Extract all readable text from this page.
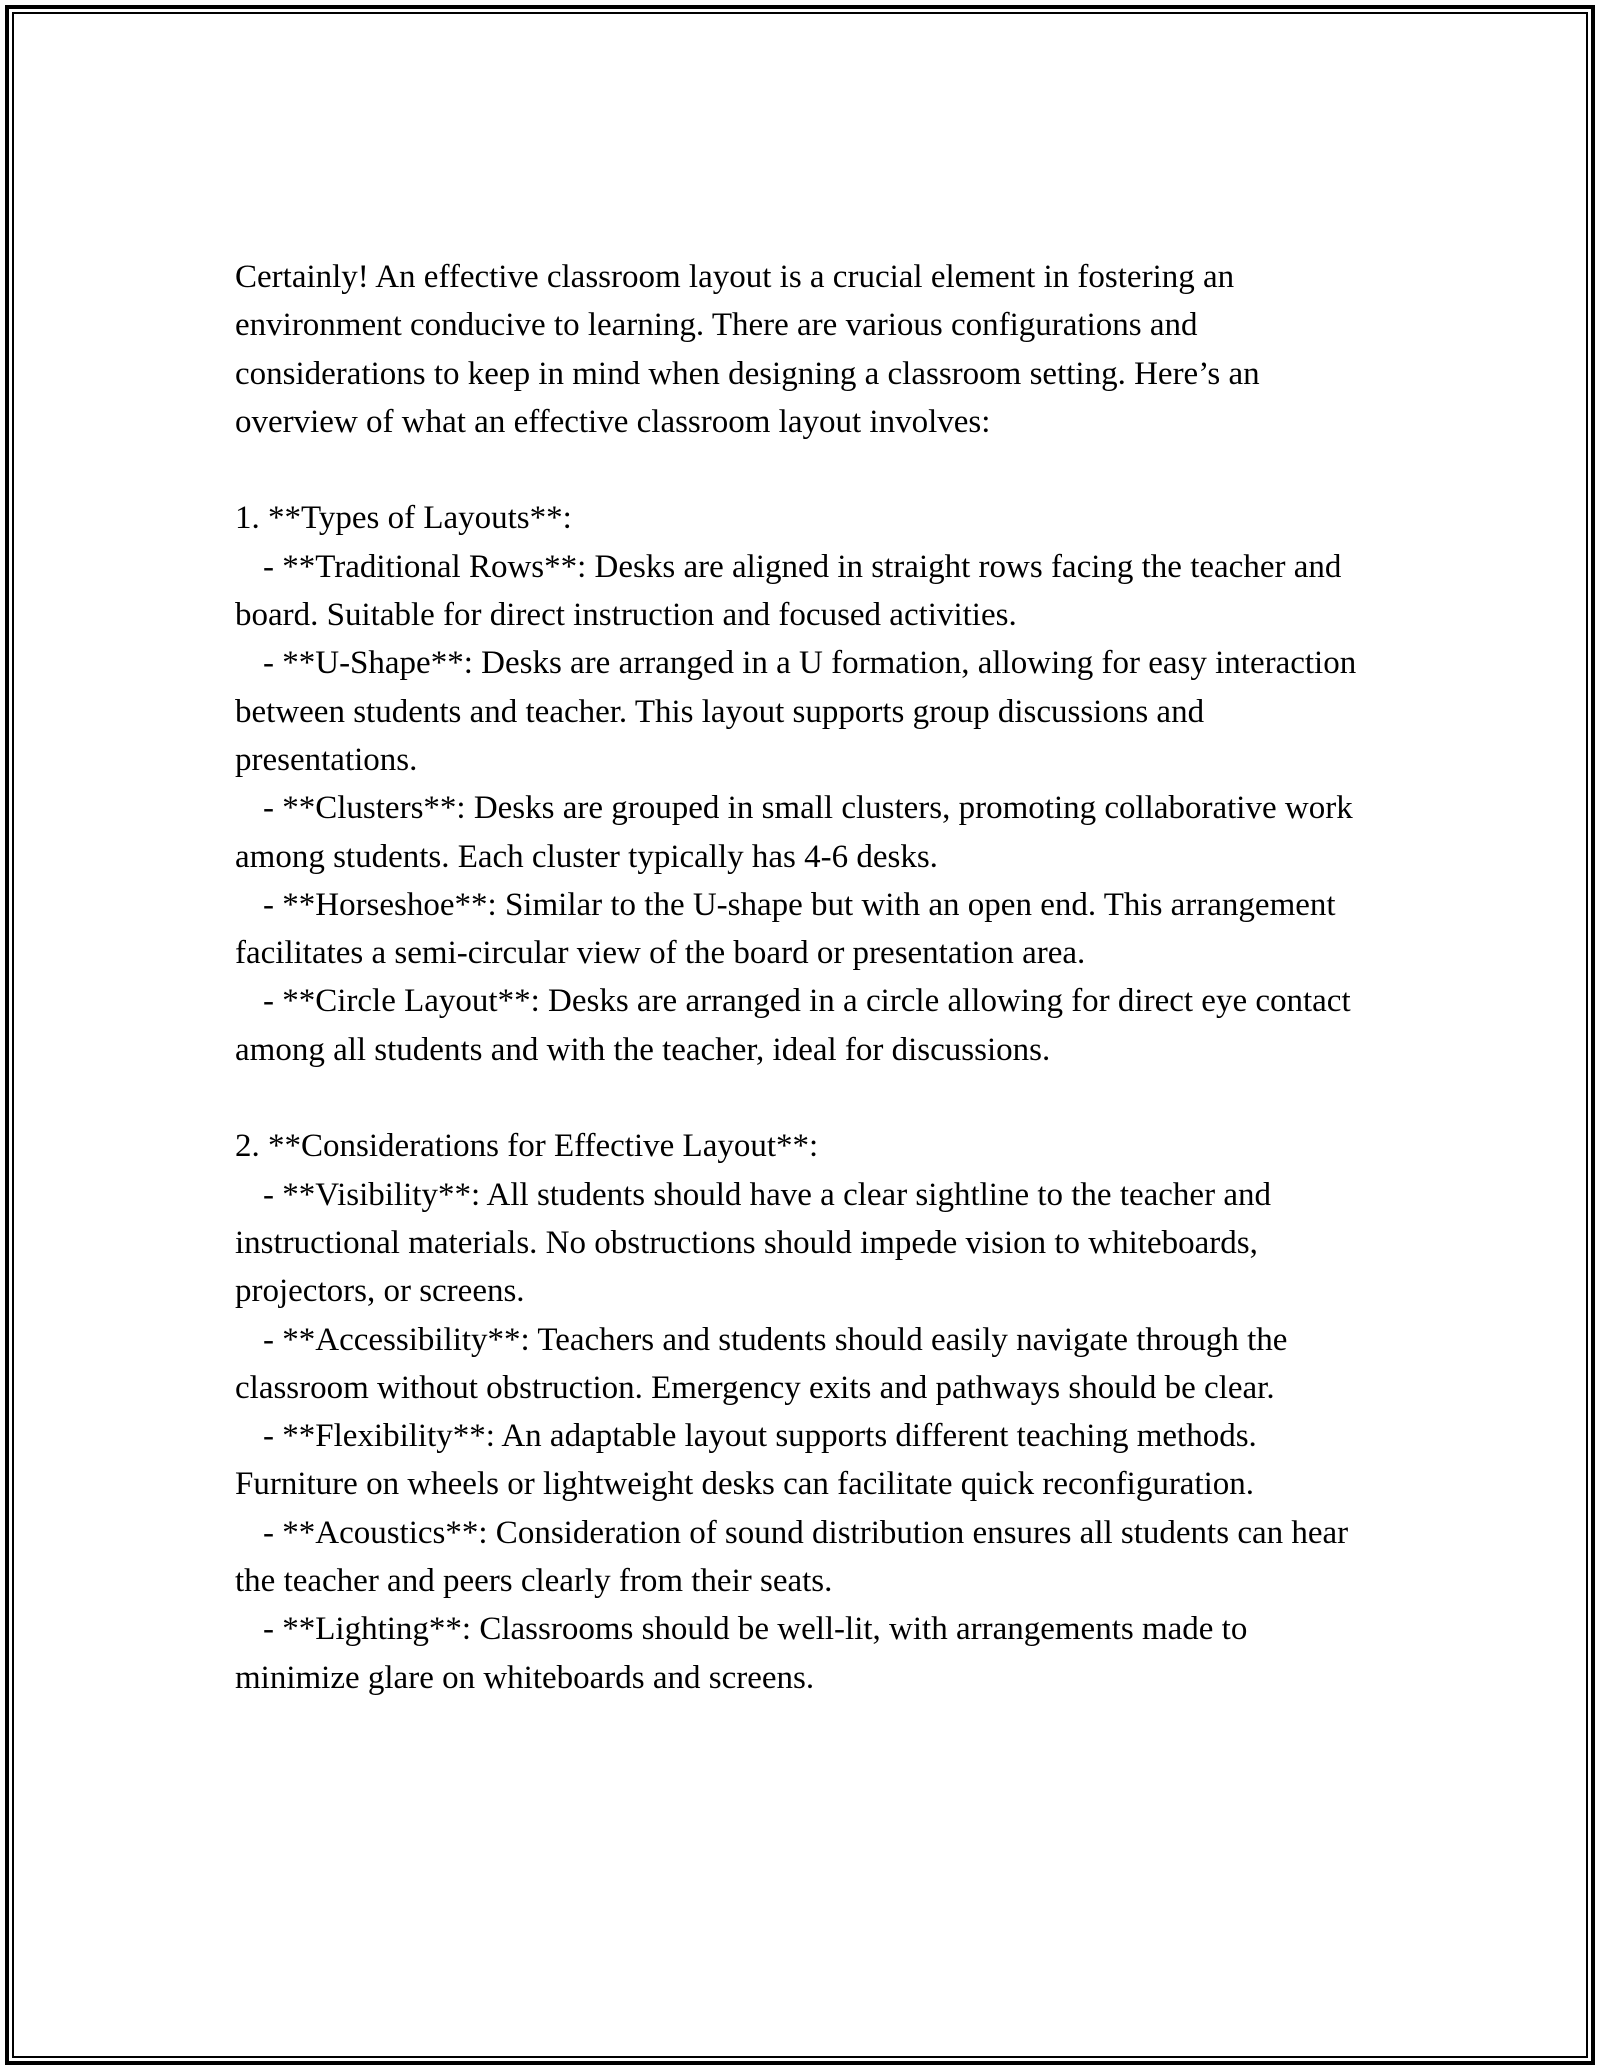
Certainly! An effective classroom layout is a crucial element in fostering an environment conducive to learning. There are various configurations and considerations to keep in mind when designing a classroom setting. Here’s an overview of what an effective classroom layout involves:

1. **Types of Layouts**:

- **Traditional Rows**: Desks are aligned in straight rows facing the teacher and board. Suitable for direct instruction and focused activities.

- **U-Shape**: Desks are arranged in a U formation, allowing for easy interaction between students and teacher. This layout supports group discussions and presentations.

- **Clusters**: Desks are grouped in small clusters, promoting collaborative work among students. Each cluster typically has 4-6 desks.

- **Horseshoe**: Similar to the U-shape but with an open end. This arrangement facilitates a semi-circular view of the board or presentation area.

- **Circle Layout**: Desks are arranged in a circle allowing for direct eye contact among all students and with the teacher, ideal for discussions.

2. **Considerations for Effective Layout**:

- **Visibility**: All students should have a clear sightline to the teacher and instructional materials. No obstructions should impede vision to whiteboards, projectors, or screens.

- **Accessibility**: Teachers and students should easily navigate through the classroom without obstruction. Emergency exits and pathways should be clear.

- **Flexibility**: An adaptable layout supports different teaching methods. Furniture on wheels or lightweight desks can facilitate quick reconfiguration.

- **Acoustics**: Consideration of sound distribution ensures all students can hear the teacher and peers clearly from their seats.

- **Lighting**: Classrooms should be well-lit, with arrangements made to minimize glare on whiteboards and screens.
